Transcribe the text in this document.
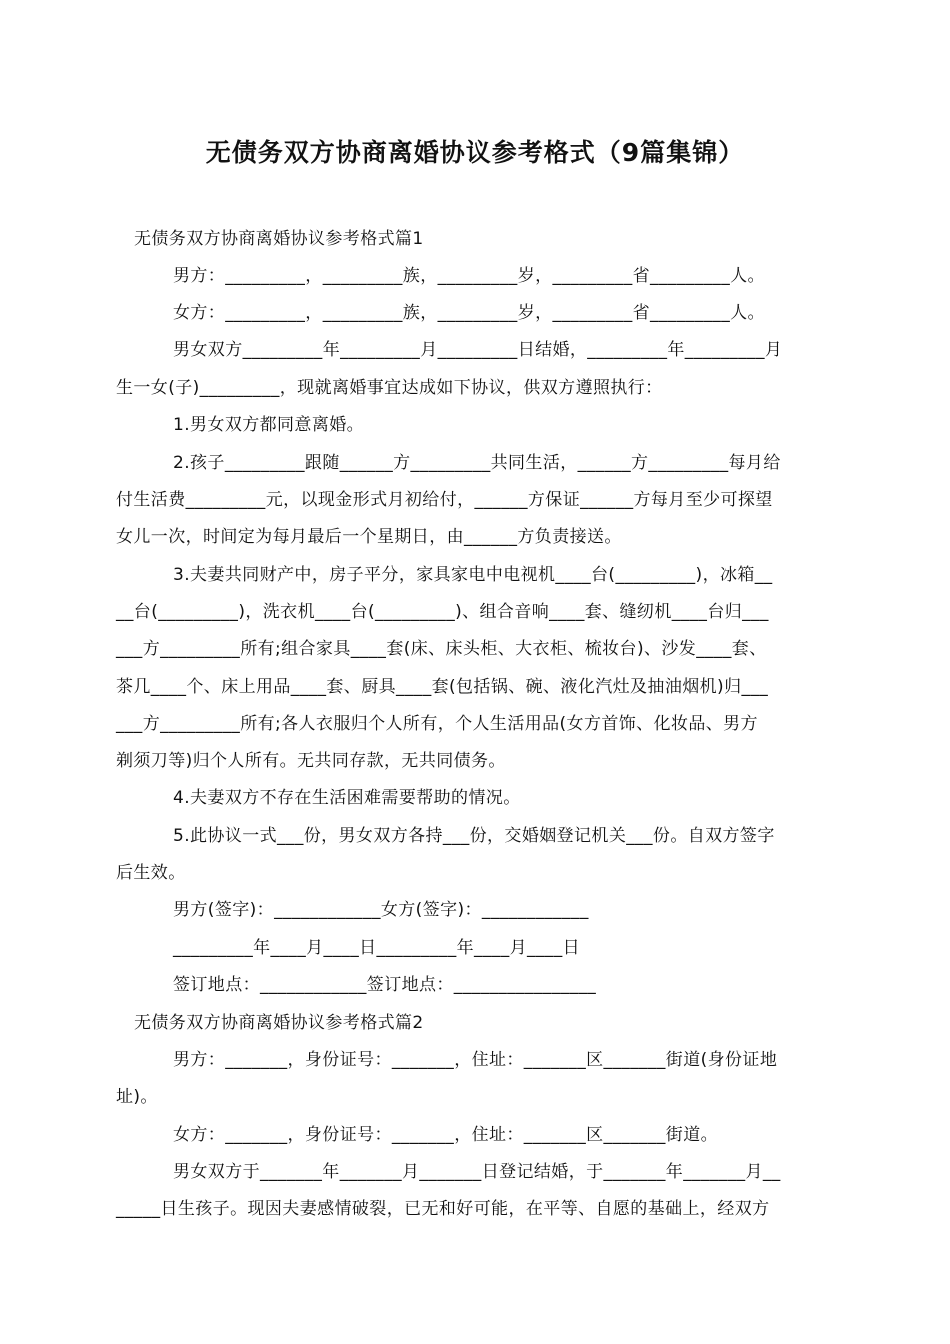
无债务双方协商离婚协议参考格式（9篇集锦）
无债务双方协商离婚协议参考格式篇1
男方：_________，_________族，_________岁，_________省_________人。
女方：_________，_________族，_________岁，_________省_________人。
男女双方_________年_________月_________日结婚，_________年_________月
生一女(子)_________，现就离婚事宜达成如下协议，供双方遵照执行：
1.男女双方都同意离婚。
2.孩子_________跟随______方_________共同生活，______方_________每月给
付生活费_________元，以现金形式月初给付，______方保证______方每月至少可探望
女儿一次，时间定为每月最后一个星期日，由______方负责接送。
3.夫妻共同财产中，房子平分，家具家电中电视机____台(_________)，冰箱__
__台(_________)，洗衣机____台(_________)、组合音响____套、缝纫机____台归___
___方_________所有;组合家具____套(床、床头柜、大衣柜、梳妆台)、沙发____套、
茶几____个、床上用品____套、厨具____套(包括锅、碗、液化汽灶及抽油烟机)归___
___方_________所有;各人衣服归个人所有，个人生活用品(女方首饰、化妆品、男方
剃须刀等)归个人所有。无共同存款，无共同债务。
4.夫妻双方不存在生活困难需要帮助的情况。
5.此协议一式___份，男女双方各持___份，交婚姻登记机关___份。自双方签字
后生效。
男方(签字)：____________女方(签字)：____________
_________年____月____日_________年____月____日
签订地点：____________签订地点：________________
无债务双方协商离婚协议参考格式篇2
男方：_______，身份证号：_______，住址：_______区_______街道(身份证地
址)。
女方：_______，身份证号：_______，住址：_______区_______街道。
男女双方于_______年_______月_______日登记结婚，于_______年_______月__
_____日生孩子。现因夫妻感情破裂，已无和好可能，在平等、自愿的基础上，经双方
